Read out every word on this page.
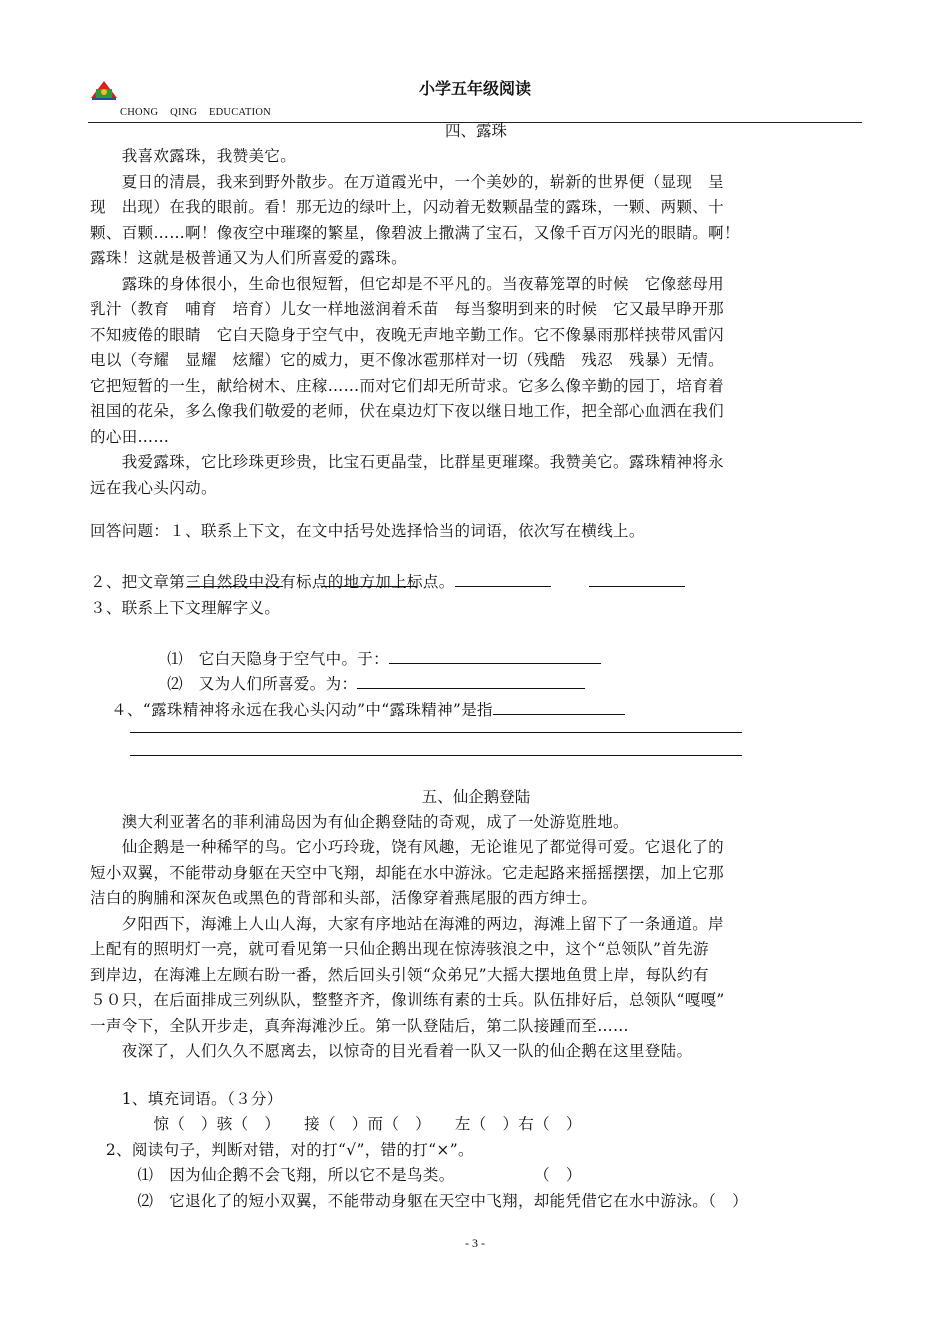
小学五年级阅读
CHONG QING EDUCATION
四、露珠
　　我喜欢露珠，我赞美它。
　　夏日的清晨，我来到野外散步。在万道霞光中，一个美妙的，崭新的世界便（显现　呈
现　出现）在我的眼前。看！那无边的绿叶上，闪动着无数颗晶莹的露珠，一颗、两颗、十
颗、百颗……啊！像夜空中璀璨的繁星，像碧波上撒满了宝石，又像千百万闪光的眼睛。啊！
露珠！这就是极普通又为人们所喜爱的露珠。
　　露珠的身体很小，生命也很短暂，但它却是不平凡的。当夜幕笼罩的时候　它像慈母用
乳汁（教育　哺育　培育）儿女一样地滋润着禾苗　每当黎明到来的时候　它又最早睁开那
不知疲倦的眼睛　它白天隐身于空气中，夜晚无声地辛勤工作。它不像暴雨那样挟带风雷闪
电以（夸耀　显耀　炫耀）它的威力，更不像冰雹那样对一切（残酷　残忍　残暴）无情。
它把短暂的一生，献给树木、庄稼……而对它们却无所苛求。它多么像辛勤的园丁，培育着
祖国的花朵，多么像我们敬爱的老师，伏在桌边灯下夜以继日地工作，把全部心血洒在我们
的心田……
　　我爱露珠，它比珍珠更珍贵，比宝石更晶莹，比群星更璀璨。我赞美它。露珠精神将永
远在我心头闪动。
回答问题：１、联系上下文，在文中括号处选择恰当的词语，依次写在横线上。

２、把文章第三自然段中没有标点的地方加上标点。
３、联系上下文理解字义。

⑴　它白天隐身于空气中。于：

⑵　又为人们所喜爱。为：

４、“露珠精神将永远在我心头闪动”中“露珠精神”是指

五、仙企鹅登陆
　　澳大利亚著名的菲利浦岛因为有仙企鹅登陆的奇观，成了一处游览胜地。
　　仙企鹅是一种稀罕的鸟。它小巧玲珑，饶有风趣，无论谁见了都觉得可爱。它退化了的
短小双翼，不能带动身躯在天空中飞翔，却能在水中游泳。它走起路来摇摇摆摆，加上它那
洁白的胸脯和深灰色或黑色的背部和头部，活像穿着燕尾服的西方绅士。
　　夕阳西下，海滩上人山人海，大家有序地站在海滩的两边，海滩上留下了一条通道。岸
上配有的照明灯一亮，就可看见第一只仙企鹅出现在惊涛骇浪之中，这个“总领队”首先游
到岸边，在海滩上左顾右盼一番，然后回头引领“众弟兄”大摇大摆地鱼贯上岸，每队约有
５０只，在后面排成三列纵队，整整齐齐，像训练有素的士兵。队伍排好后，总领队“嘎嘎”
一声令下，全队开步走，真奔海滩沙丘。第一队登陆后，第二队接踵而至……
　　夜深了，人们久久不愿离去，以惊奇的目光看着一队又一队的仙企鹅在这里登陆。
　　1、填充词语。（３分）
　　　　惊（　）骇（　）　　接（　）而（　）　　左（　）右（　）
　2、阅读句子，判断对错，对的打“√”，错的打“×”。
　　　⑴　因为仙企鹅不会飞翔，所以它不是鸟类。　　　　　　（　）
　　　⑵　它退化了的短小双翼，不能带动身躯在天空中飞翔，却能凭借它在水中游泳。（　）
- 3 -
